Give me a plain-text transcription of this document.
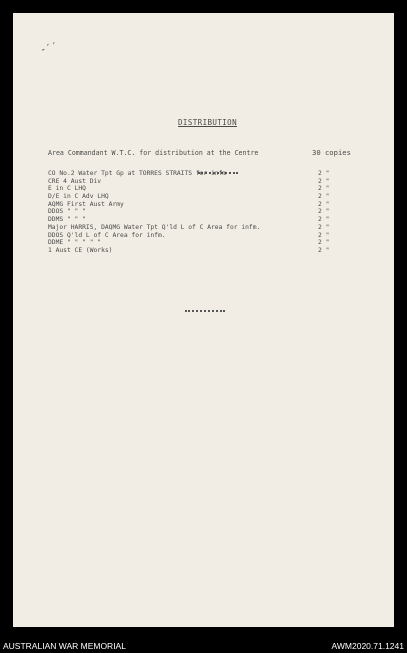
-′′
DISTRIBUTION
Area Commandant W.T.C. for distribution at the Centre	30 copies
CO No.2 Water Tpt Gp at TORRES STRAITS for infm	2 "
CRE 4 Aust Div	2 "
E in C LHQ	2 "
D/E in C Adv LHQ	2 "
AQMG First Aust Army	2 "
DDOS " " "	2 "
DDMS " " "	2 "
Major HARRIS, DAQMG Water Tpt Q'ld L of C Area for infm.	2 "
DDOS Q'ld L of C Area for infm.	2 "
DDME " " " " "	2 "
1 Aust CE (Works)	2 "
AUSTRALIAN WAR MEMORIAL	AWM2020.71.1241
